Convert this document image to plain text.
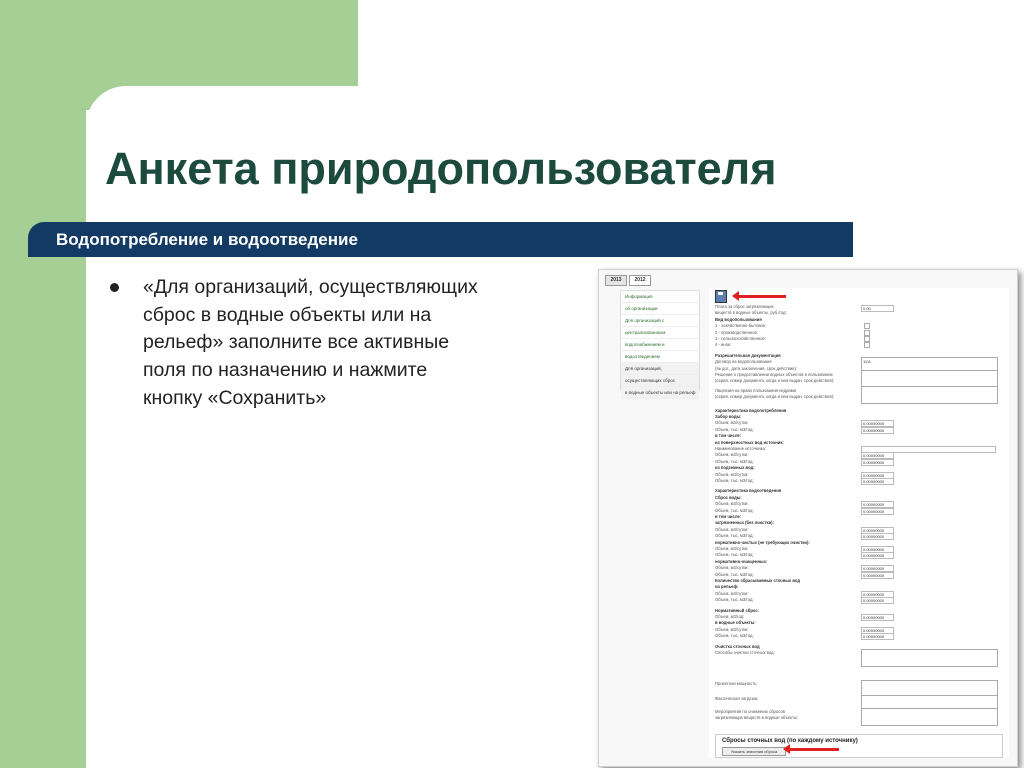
Анкета природопользователя
Водопотребление и водоотведение
«Для организаций, осуществляющих
сброс в водные объекты или на
рельеф» заполните все активные
поля по назначению и нажмите
кнопку «Сохранить»
2013	2012
Информация
об организации
Для организаций с
централизованным
водоснабжением и
водоотведением
Для организаций,
осуществляющих сброс
в водные объекты или на рельеф
Сбросы сточных вод (по каждому источнику)
Указать значения сброса
Плата за сброс загрязняющих
веществ в водные объекты, руб./год:
Вид водопользования
1 - хозяйственно-бытовое:
2 - производственное:
3 - сельскохозяйственное:
4 - иное:
Разрешительная документация
Договор на водопользование
(№ дог., дата заключения, срок действия):
Решение о предоставлении водных объектов в пользование
(серия, номер документа, когда и кем выдан, срок действия):
Лицензия на право пользования недрами
(серия, номер документа, когда и кем выдан, срок действия):
Характеристика водопотребления
Забор воды:
Объем, м3/сутки:
Объем, тыс. м3/год:
в том числе:
из поверхностных вод источник:
Наименование источника:
Объем, м3/сутки:
Объем, тыс. м3/год:
из подземных вод:
Объем, м3/сутки:
Объем, тыс. м3/год:
Характеристика водоотведения
Сброс воды:
Объем, м3/сутки:
Объем, тыс. м3/год:
в том числе:
загрязненных (без очистки):
Объем, м3/сутки:
Объем, тыс. м3/год:
нормативно-чистых (не требующих очистки):
Объем, м3/сутки:
Объем, тыс. м3/год:
нормативно-очищенных:
Объем, м3/сутки:
Объем, тыс. м3/год:
Количество сбрасываемых сточных вод
на рельеф:
Объем, м3/сутки:
Объем, тыс. м3/год:
Нормативный сброс:
Объем, м3/год:
в водные объекты:
Объем, м3/сутки:
Объем, тыс. м3/год:
Очистка сточных вод
Способы очистки сточных вод:
Проектная мощность:
Фактическая загрузка:
Мероприятия по снижению сбросов
загрязняющих веществ в водные объекты:
0.00
1111
0.00000000
0.00000000
0.00000000
0.00000000
0.00000000
0.00000000
0.00000000
0.00000000
0.00000000
0.00000000
0.00000000
0.00000000
0.00000000
0.00000000
0.00000000
0.00000000
0.00000000
0.00000000
0.00000000
